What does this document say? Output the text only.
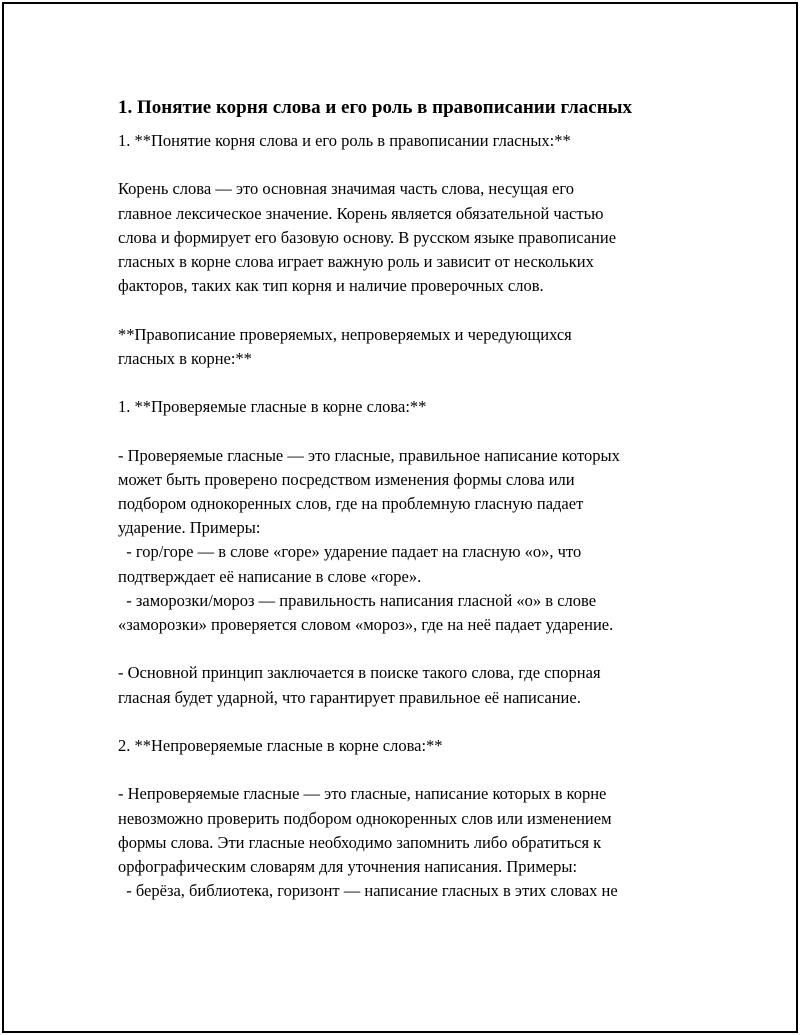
1. Понятие корня слова и его роль в правописании гласных

1. **Понятие корня слова и его роль в правописании гласных:**

Корень слова — это основная значимая часть слова, несущая его
главное лексическое значение. Корень является обязательной частью
слова и формирует его базовую основу. В русском языке правописание
гласных в корне слова играет важную роль и зависит от нескольких
факторов, таких как тип корня и наличие проверочных слов.

**Правописание проверяемых, непроверяемых и чередующихся
гласных в корне:**

1. **Проверяемые гласные в корне слова:**

- Проверяемые гласные — это гласные, правильное написание которых
может быть проверено посредством изменения формы слова или
подбором однокоренных слов, где на проблемную гласную падает
ударение. Примеры:
- гор/горе — в слове «горе» ударение падает на гласную «о», что
подтверждает её написание в слове «горе».
- заморозки/мороз — правильность написания гласной «о» в слове
«заморозки» проверяется словом «мороз», где на неё падает ударение.

- Основной принцип заключается в поиске такого слова, где спорная
гласная будет ударной, что гарантирует правильное её написание.

2. **Непроверяемые гласные в корне слова:**

- Непроверяемые гласные — это гласные, написание которых в корне
невозможно проверить подбором однокоренных слов или изменением
формы слова. Эти гласные необходимо запомнить либо обратиться к
орфографическим словарям для уточнения написания. Примеры:
- берёза, библиотека, горизонт — написание гласных в этих словах не
